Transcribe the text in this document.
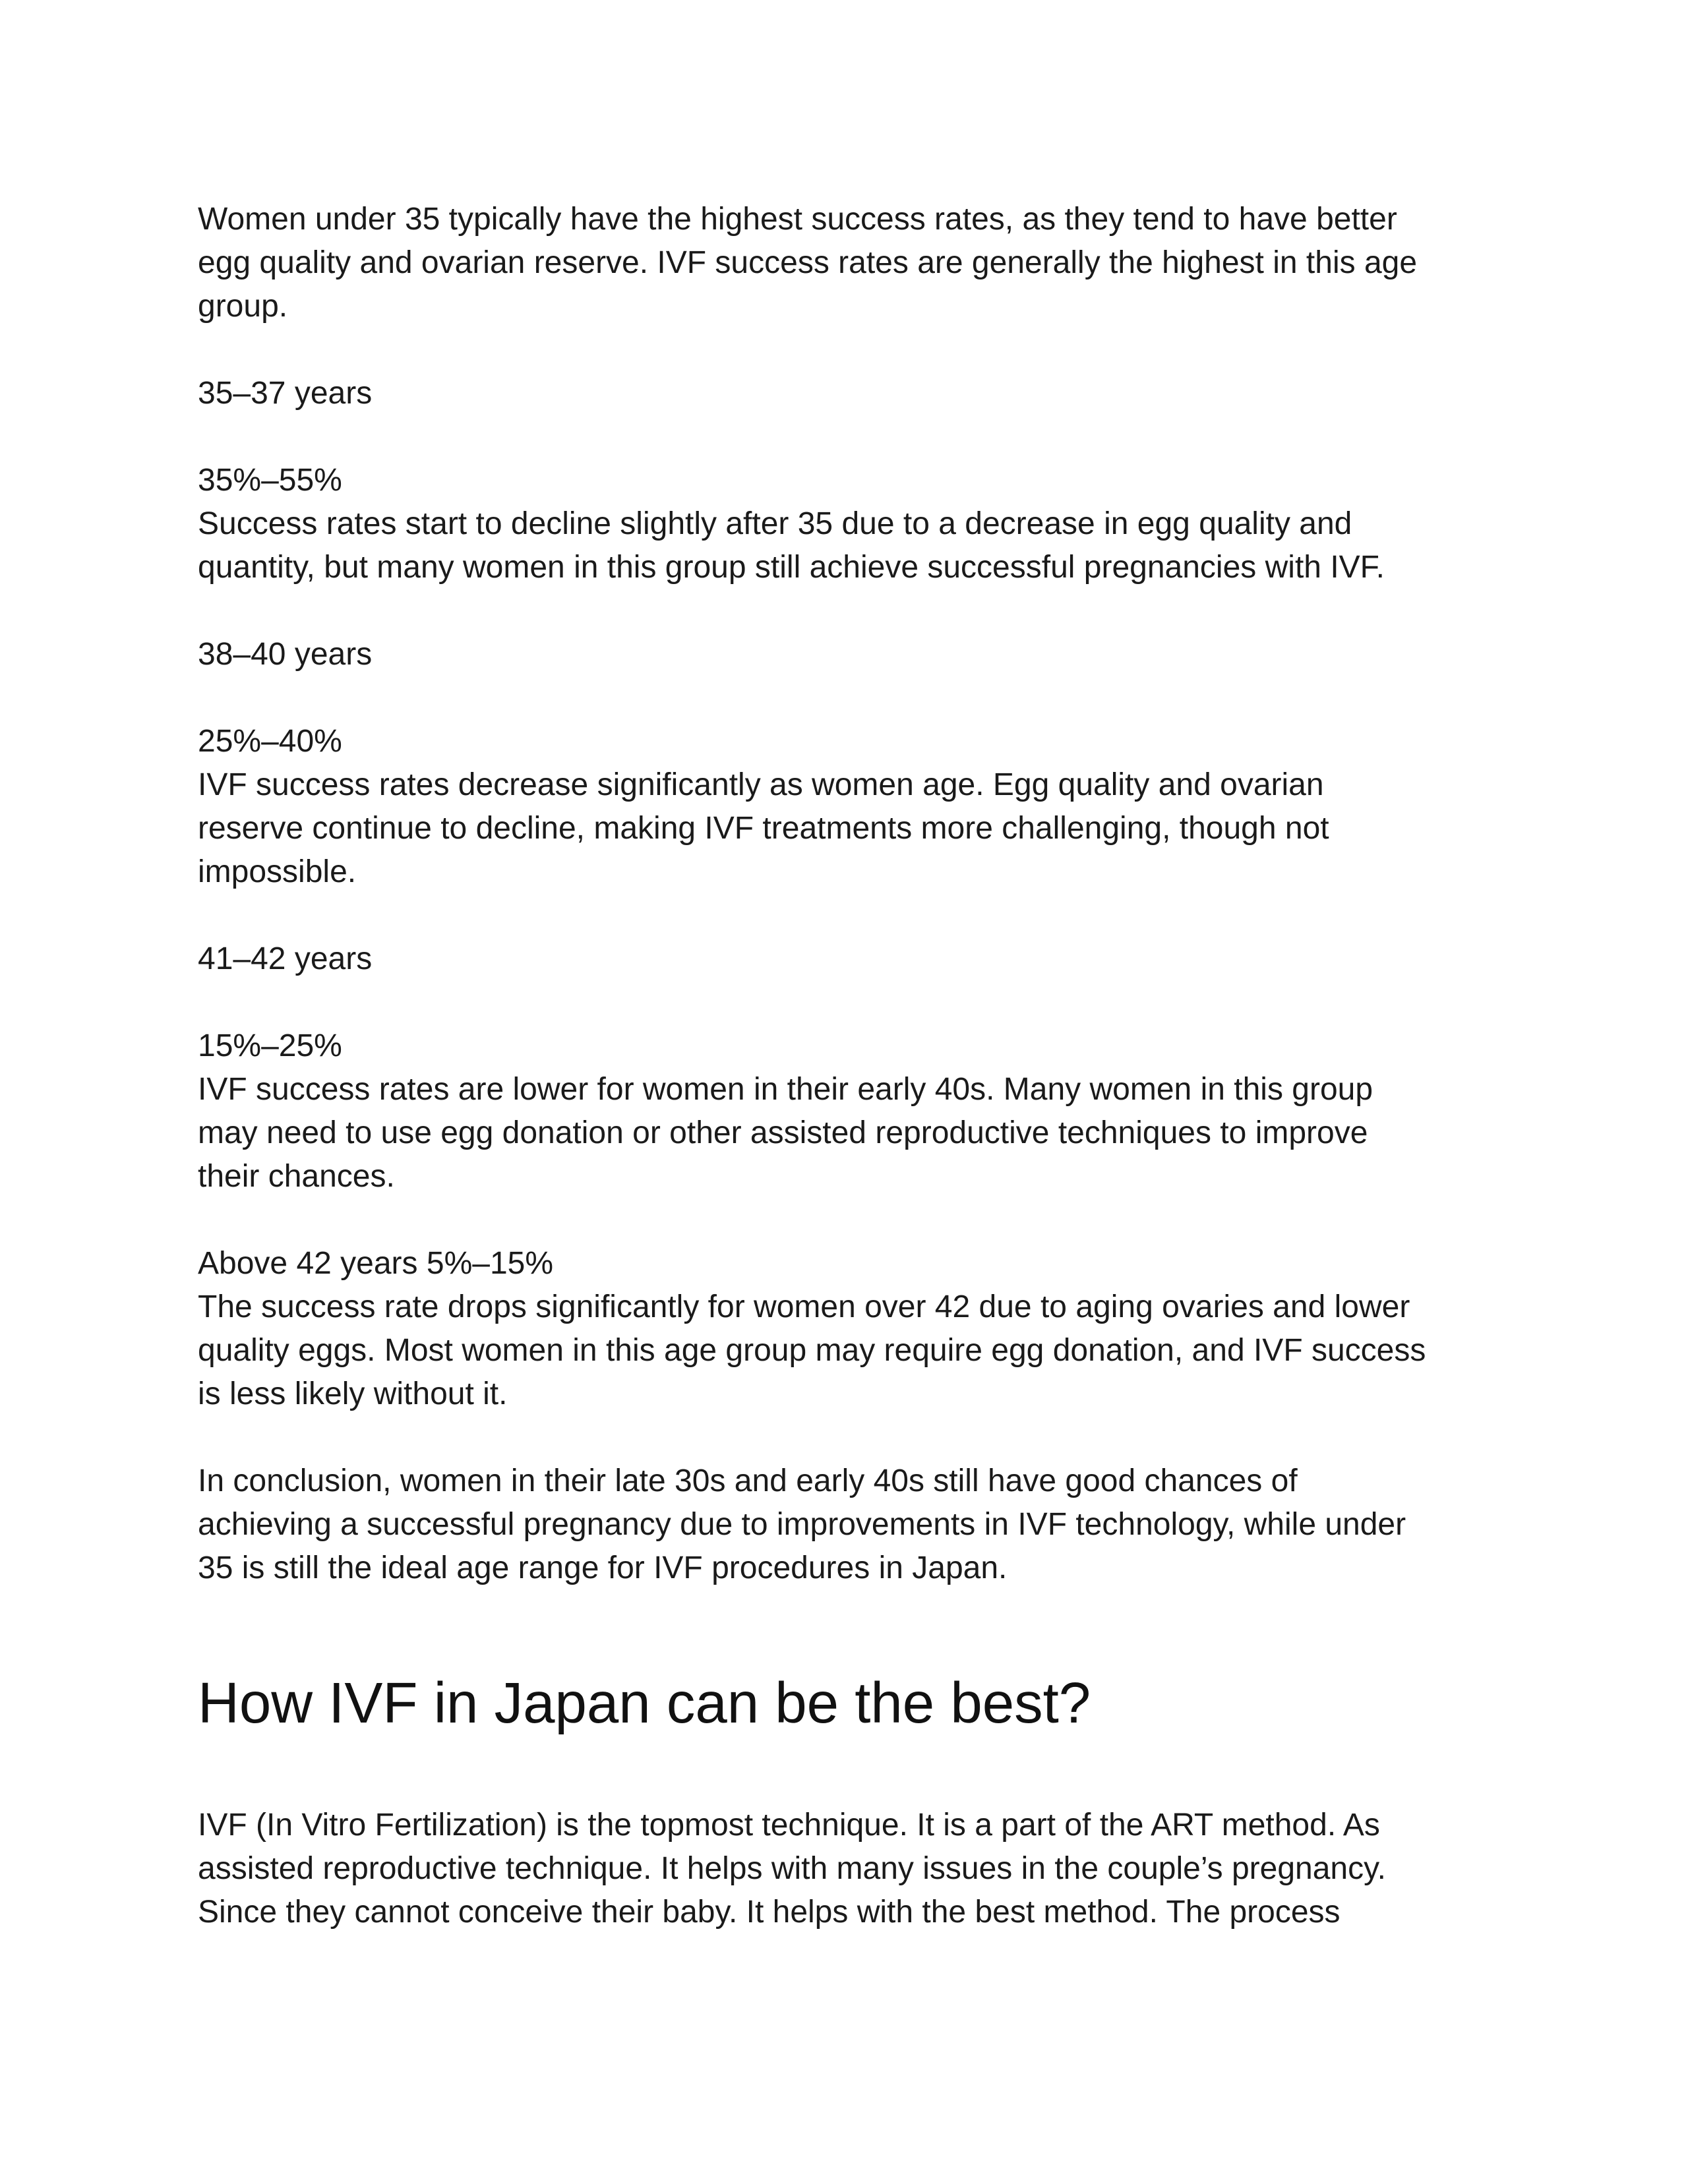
Women under 35 typically have the highest success rates, as they tend to have better
egg quality and ovarian reserve. IVF success rates are generally the highest in this age
group.

35–37 years

35%–55%

Success rates start to decline slightly after 35 due to a decrease in egg quality and
quantity, but many women in this group still achieve successful pregnancies with IVF.

38–40 years

25%–40%

IVF success rates decrease significantly as women age. Egg quality and ovarian
reserve continue to decline, making IVF treatments more challenging, though not
impossible.

41–42 years

15%–25%

IVF success rates are lower for women in their early 40s. Many women in this group
may need to use egg donation or other assisted reproductive techniques to improve
their chances.

Above 42 years 5%–15%

The success rate drops significantly for women over 42 due to aging ovaries and lower
quality eggs. Most women in this age group may require egg donation, and IVF success
is less likely without it.

In conclusion, women in their late 30s and early 40s still have good chances of
achieving a successful pregnancy due to improvements in IVF technology, while under
35 is still the ideal age range for IVF procedures in Japan.

How IVF in Japan can be the best?

IVF (In Vitro Fertilization) is the topmost technique. It is a part of the ART method. As
assisted reproductive technique. It helps with many issues in the couple’s pregnancy.
Since they cannot conceive their baby. It helps with the best method. The process
